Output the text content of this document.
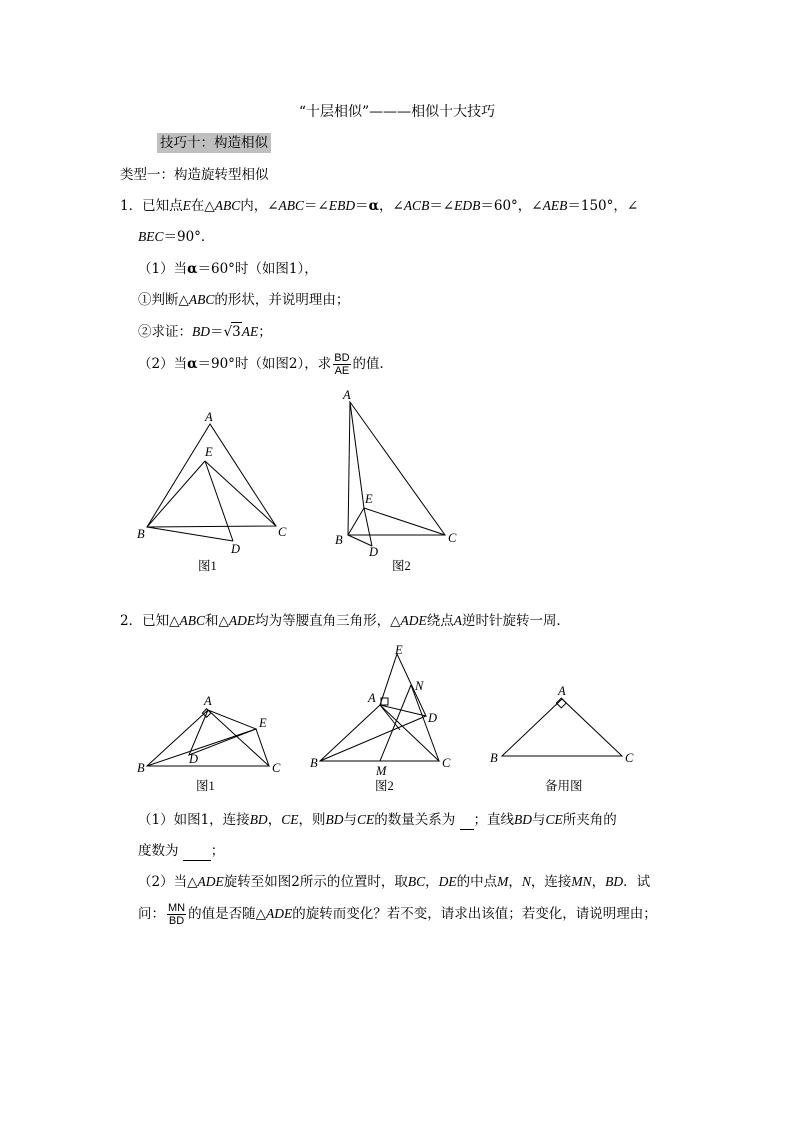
“十层相似”———相似十大技巧
技巧十：构造相似
类型一：构造旋转型相似
1．已知点E在△ABC内，∠ABC＝∠EBD＝α，∠ACB＝∠EDB＝60°，∠AEB＝150°，∠
BEC＝90°．
（1）当α＝60°时（如图1），
①判断△ABC的形状，并说明理由；
②求证：BD＝√3AE；
（2）当α＝90°时（如图2），求 $\frac{BD}{AE}$ 的值．
2．已知△ABC和△ADE均为等腰直角三角形，△ADE绕点A逆时针旋转一周．
（1）如图1，连接BD，CE，则BD与CE的数量关系为 ；直线BD与CE所夹角的
度数为 ；
（2）当△ADE旋转至如图2所示的位置时，取BC，DE的中点M，N，连接MN，BD．试
问： $\frac{MN}{BD}$ 的值是否随△ADE的旋转而变化？若不变，请求出该值；若变化，请说明理由；
A
E
B	C
D
图1
A
E
B	C
D
图2
A
E
B	C
D
图1
A
E
N
D
B	C
M
图2
A
B	C
备用图
